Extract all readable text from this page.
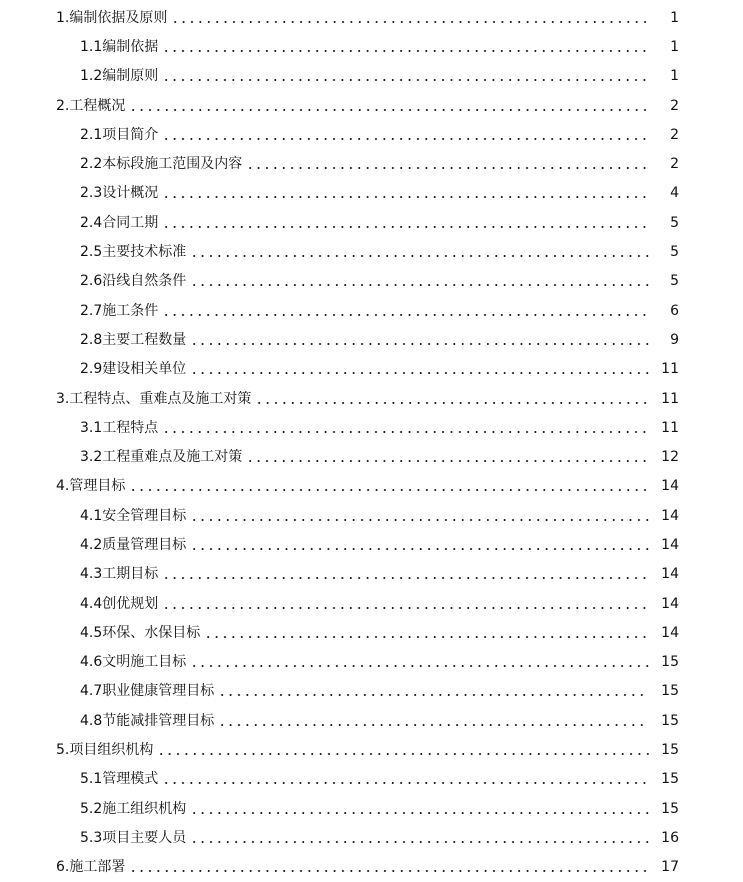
1.编制依据及原则	1
1.1编制依据	1
1.2编制原则	1
2.工程概况	2
2.1项目简介	2
2.2本标段施工范围及内容	2
2.3设计概况	4
2.4合同工期	5
2.5主要技术标准	5
2.6沿线自然条件	5
2.7施工条件	6
2.8主要工程数量	9
2.9建设相关单位	11
3.工程特点、重难点及施工对策	11
3.1工程特点	11
3.2工程重难点及施工对策	12
4.管理目标	14
4.1安全管理目标	14
4.2质量管理目标	14
4.3工期目标	14
4.4创优规划	14
4.5环保、水保目标	14
4.6文明施工目标	15
4.7职业健康管理目标	15
4.8节能减排管理目标	15
5.项目组织机构	15
5.1管理模式	15
5.2施工组织机构	15
5.3项目主要人员	16
6.施工部署	17
